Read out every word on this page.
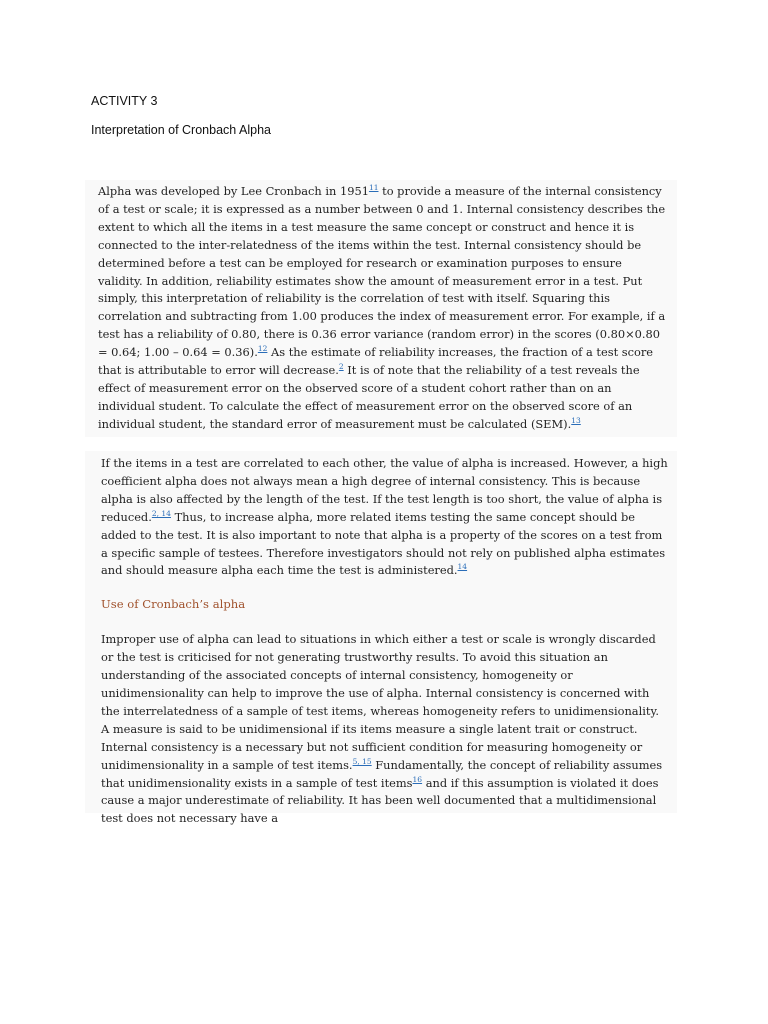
ACTIVITY 3
Interpretation of Cronbach Alpha

Alpha was developed by Lee Cronbach in 1951$^{11}$ to provide a measure of the internal consistency of a test or scale; it is expressed as a number between 0 and 1. Internal consistency describes the extent to which all the items in a test measure the same concept or construct and hence it is connected to the inter-relatedness of the items within the test. Internal consistency should be determined before a test can be employed for research or examination purposes to ensure validity. In addition, reliability estimates show the amount of measurement error in a test. Put simply, this interpretation of reliability is the correlation of test with itself. Squaring this correlation and subtracting from 1.00 produces the index of measurement error. For example, if a test has a reliability of 0.80, there is 0.36 error variance (random error) in the scores (0.80×0.80 = 0.64; 1.00 – 0.64 = 0.36).$^{12}$ As the estimate of reliability increases, the fraction of a test score that is attributable to error will decrease.$^2$ It is of note that the reliability of a test reveals the effect of measurement error on the observed score of a student cohort rather than on an individual student. To calculate the effect of measurement error on the observed score of an individual student, the standard error of measurement must be calculated (SEM).$^{13}$

If the items in a test are correlated to each other, the value of alpha is increased. However, a high coefficient alpha does not always mean a high degree of internal consistency. This is because alpha is also affected by the length of the test. If the test length is too short, the value of alpha is reduced.$^{2, 14}$ Thus, to increase alpha, more related items testing the same concept should be added to the test. It is also important to note that alpha is a property of the scores on a test from a specific sample of testees. Therefore investigators should not rely on published alpha estimates and should measure alpha each time the test is administered.$^{14}$

Use of Cronbach’s alpha

Improper use of alpha can lead to situations in which either a test or scale is wrongly discarded or the test is criticised for not generating trustworthy results. To avoid this situation an understanding of the associated concepts of internal consistency, homogeneity or unidimensionality can help to improve the use of alpha. Internal consistency is concerned with the interrelatedness of a sample of test items, whereas homogeneity refers to unidimensionality. A measure is said to be unidimensional if its items measure a single latent trait or construct. Internal consistency is a necessary but not sufficient condition for measuring homogeneity or unidimensionality in a sample of test items.$^{5, 15}$ Fundamentally, the concept of reliability assumes that unidimensionality exists in a sample of test items$^{16}$ and if this assumption is violated it does cause a major underestimate of reliability. It has been well documented that a multidimensional test does not necessary have a
